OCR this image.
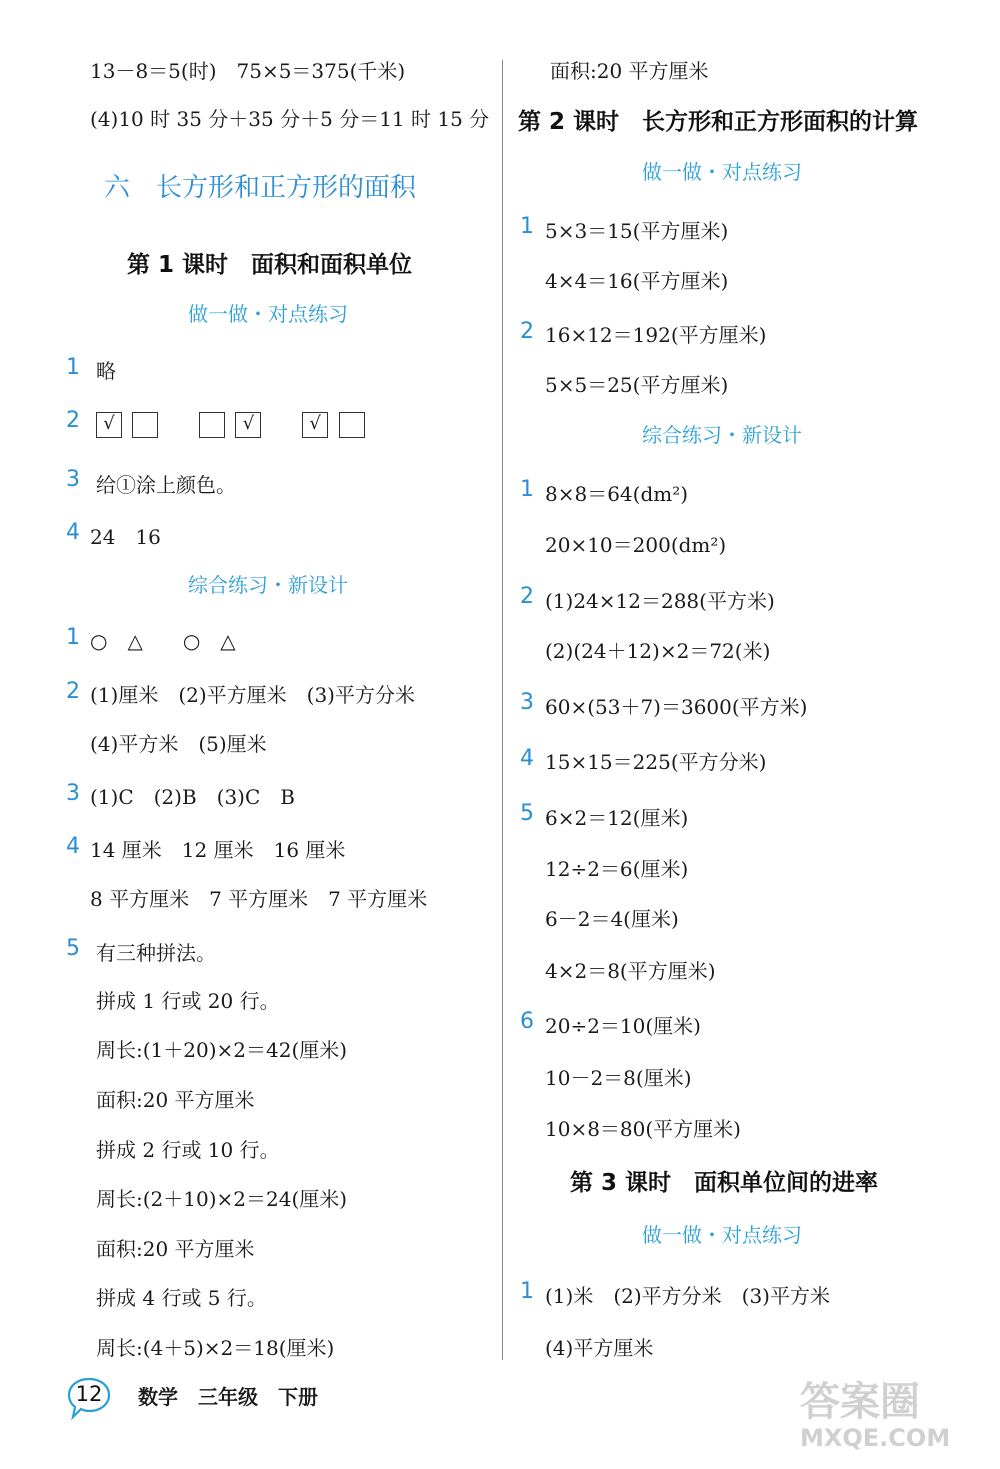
13－8＝5(时)　75×5＝375(千米)
(4)10 时 35 分＋35 分＋5 分＝11 时 15 分
六　长方形和正方形的面积
第 1 课时　面积和面积单位
做一做・对点练习
1 略
2	√	√	√
3 给①涂上颜色。
4 24　16
综合练习・新设计
1 ○　△　　○　△
2 (1)厘米　(2)平方厘米　(3)平方分米
(4)平方米　(5)厘米
3 (1)C　(2)B　(3)C　B
4 14 厘米　12 厘米　16 厘米
8 平方厘米　7 平方厘米　7 平方厘米
5 有三种拼法。
拼成 1 行或 20 行。
周长:(1＋20)×2＝42(厘米)
面积:20 平方厘米
拼成 2 行或 10 行。
周长:(2＋10)×2＝24(厘米)
面积:20 平方厘米
拼成 4 行或 5 行。
周长:(4＋5)×2＝18(厘米)
面积:20 平方厘米
第 2 课时　长方形和正方形面积的计算
做一做・对点练习
1 5×3＝15(平方厘米)
4×4＝16(平方厘米)
2 16×12＝192(平方厘米)
5×5＝25(平方厘米)
综合练习・新设计
1 8×8＝64(dm²)
20×10＝200(dm²)
2 (1)24×12＝288(平方米)
(2)(24＋12)×2＝72(米)
3 60×(53＋7)＝3600(平方米)
4 15×15＝225(平方分米)
5 6×2＝12(厘米)
12÷2＝6(厘米)
6－2＝4(厘米)
4×2＝8(平方厘米)
6 20÷2＝10(厘米)
10－2＝8(厘米)
10×8＝80(平方厘米)
第 3 课时　面积单位间的进率
做一做・对点练习
1 (1)米　(2)平方分米　(3)平方米
(4)平方厘米
12	数学　三年级　下册	答案圈
MXQE.COM
